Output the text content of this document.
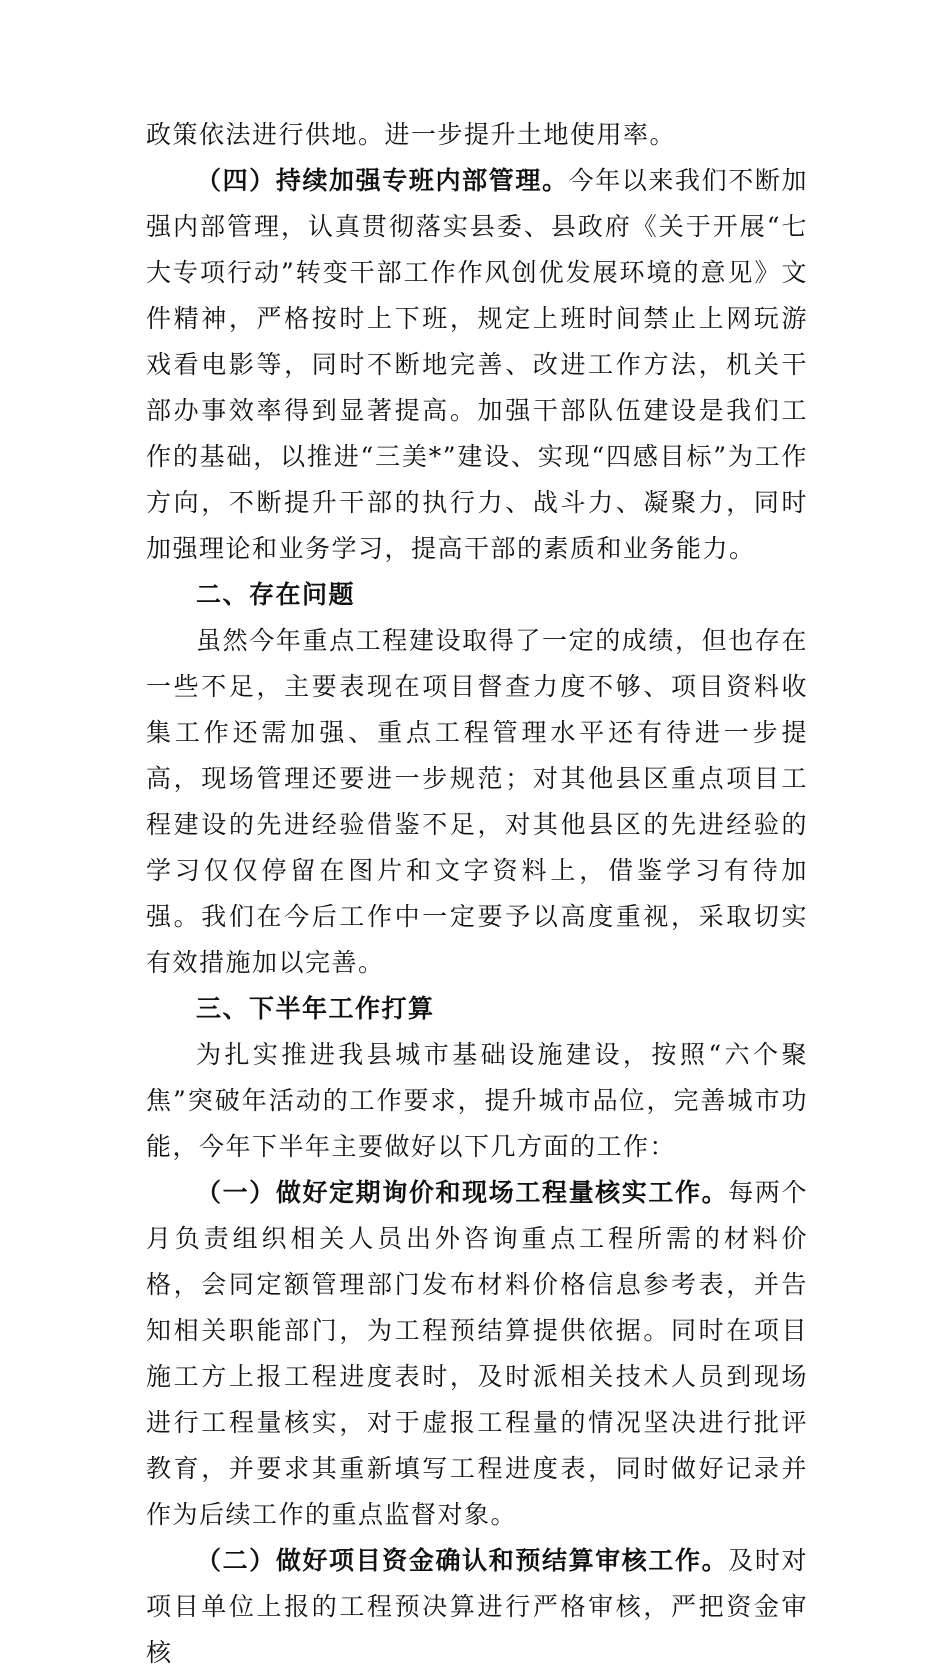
政策依法进行供地。进一步提升土地使用率。

（四）持续加强专班内部管理。今年以来我们不断加强内部管理，认真贯彻落实县委、县政府《关于开展“七大专项行动”转变干部工作作风创优发展环境的意见》文件精神，严格按时上下班，规定上班时间禁止上网玩游戏看电影等，同时不断地完善、改进工作方法，机关干部办事效率得到显著提高。加强干部队伍建设是我们工作的基础，以推进“三美*”建设、实现“四感目标”为工作方向，不断提升干部的执行力、战斗力、凝聚力，同时加强理论和业务学习，提高干部的素质和业务能力。

二、存在问题

虽然今年重点工程建设取得了一定的成绩，但也存在一些不足，主要表现在项目督查力度不够、项目资料收集工作还需加强、重点工程管理水平还有待进一步提高，现场管理还要进一步规范；对其他县区重点项目工程建设的先进经验借鉴不足，对其他县区的先进经验的学习仅仅停留在图片和文字资料上，借鉴学习有待加强。我们在今后工作中一定要予以高度重视，采取切实有效措施加以完善。

三、下半年工作打算

为扎实推进我县城市基础设施建设，按照“六个聚焦”突破年活动的工作要求，提升城市品位，完善城市功能，今年下半年主要做好以下几方面的工作：

（一）做好定期询价和现场工程量核实工作。每两个月负责组织相关人员出外咨询重点工程所需的材料价格，会同定额管理部门发布材料价格信息参考表，并告知相关职能部门，为工程预结算提供依据。同时在项目施工方上报工程进度表时，及时派相关技术人员到现场进行工程量核实，对于虚报工程量的情况坚决进行批评教育，并要求其重新填写工程进度表，同时做好记录并作为后续工作的重点监督对象。

（二）做好项目资金确认和预结算审核工作。及时对项目单位上报的工程预决算进行严格审核，严把资金审核
